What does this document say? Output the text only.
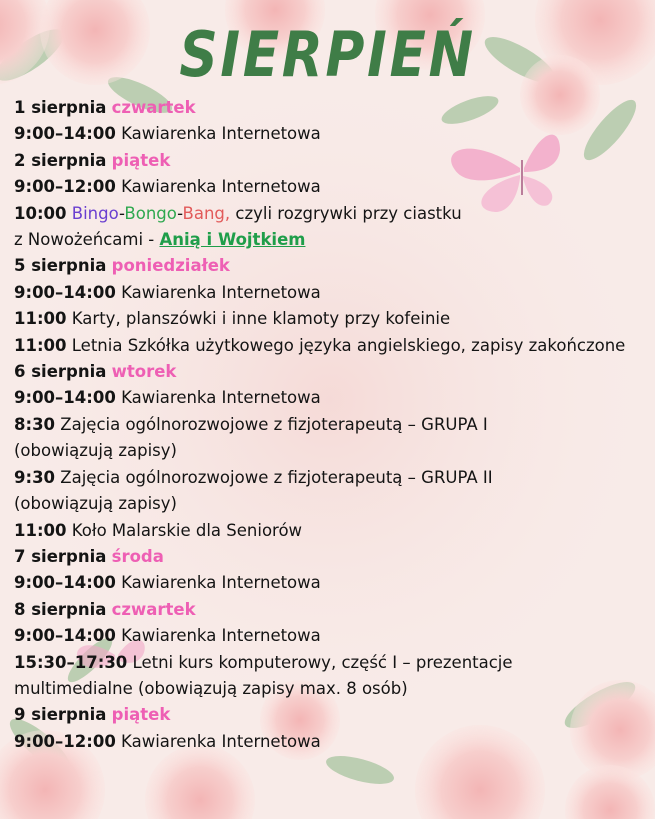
SIERPIEŃ
1 sierpnia czwartek
9:00–14:00 Kawiarenka Internetowa
2 sierpnia piątek
9:00–12:00 Kawiarenka Internetowa
10:00 Bingo-Bongo-Bang, czyli rozgrywki przy ciastku
z Nowożeńcami - Anią i Wojtkiem
5 sierpnia poniedziałek
9:00–14:00 Kawiarenka Internetowa
11:00 Karty, planszówki i inne klamoty przy kofeinie
11:00 Letnia Szkółka użytkowego języka angielskiego, zapisy zakończone
6 sierpnia wtorek
9:00–14:00 Kawiarenka Internetowa
8:30 Zajęcia ogólnorozwojowe z fizjoterapeutą – GRUPA I
(obowiązują zapisy)
9:30 Zajęcia ogólnorozwojowe z fizjoterapeutą – GRUPA II
(obowiązują zapisy)
11:00 Koło Malarskie dla Seniorów
7 sierpnia środa
9:00–14:00 Kawiarenka Internetowa
8 sierpnia czwartek
9:00–14:00 Kawiarenka Internetowa
15:30–17:30 Letni kurs komputerowy, część I – prezentacje
multimedialne (obowiązują zapisy max. 8 osób)
9 sierpnia piątek
9:00–12:00 Kawiarenka Internetowa
